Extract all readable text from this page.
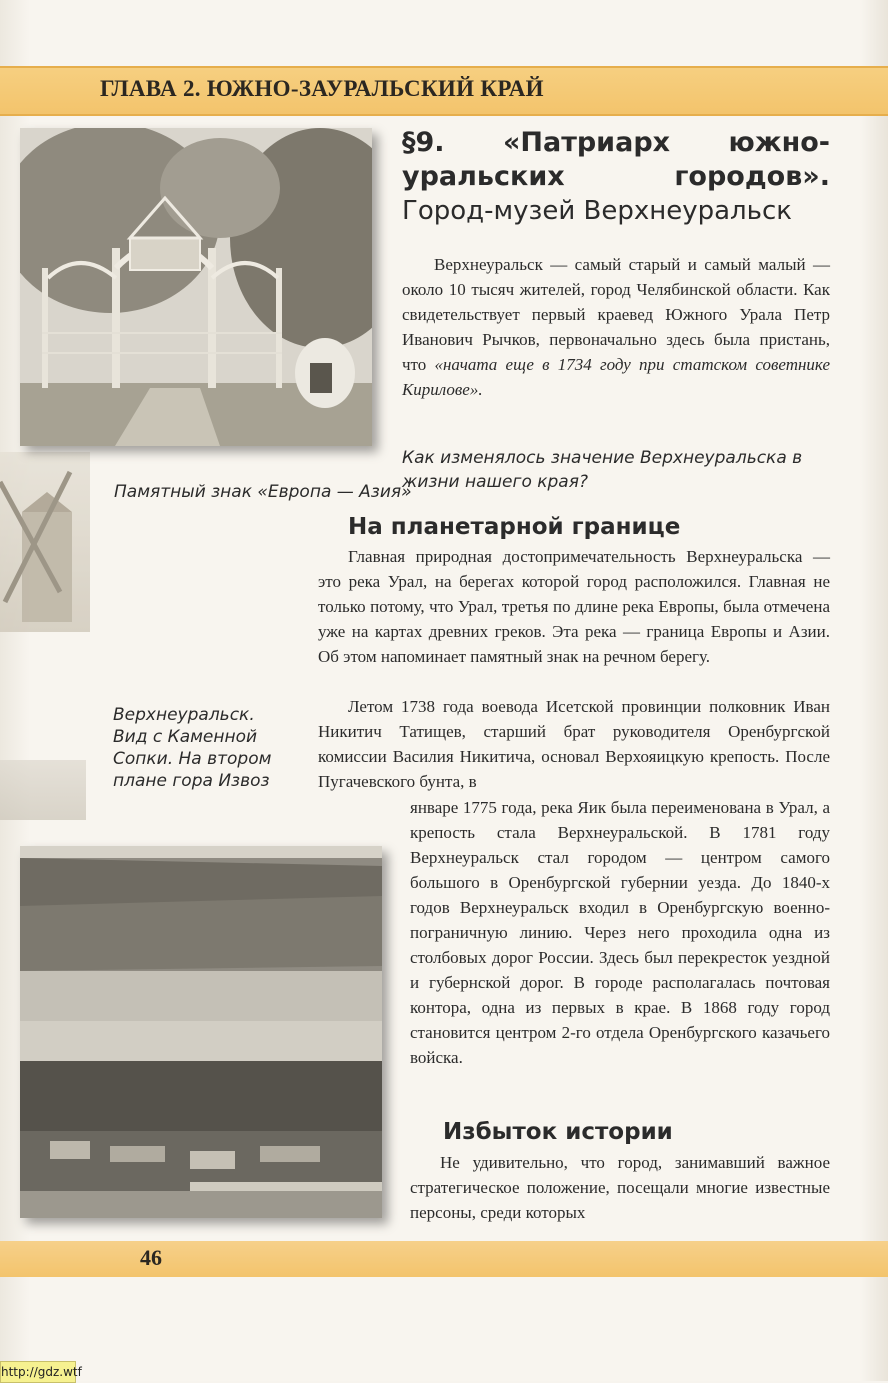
ГЛАВА 2. ЮЖНО-ЗАУРАЛЬСКИЙ КРАЙ
Памятный знак «Европа — Азия»
Верхнеуральск. Вид с Каменной Сопки. На втором плане гора Извоз
§9. «Патриарх южно-
уральских городов».
Город-музей Верхнеуральск
Верхнеуральск — самый старый и самый малый — около 10 тысяч жителей, город Челябинской области. Как свидетельствует первый краевед Южного Урала Петр Иванович Рычков, первоначально здесь была пристань, что «начата еще в 1734 году при статском советнике Кирилове».
Как изменялось значение Верхнеуральска в жизни нашего края?
На планетарной границе
Главная природная достопримечательность Верхнеуральска — это река Урал, на берегах которой город расположился. Главная не только потому, что Урал, третья по длине река Европы, была отмечена уже на картах древних греков. Эта река — граница Европы и Азии. Об этом напоминает памятный знак на речном берегу.
Летом 1738 года воевода Исетской провинции полковник Иван Никитич Татищев, старший брат руководителя Оренбургской комиссии Василия Никитича, основал Верхояицкую крепость. После Пугачевского бунта, в
январе 1775 года, река Яик была переименована в Урал, а крепость стала Верхнеуральской. В 1781 году Верхнеуральск стал городом — центром самого большого в Оренбургской губернии уезда. До 1840-х годов Верхнеуральск входил в Оренбургскую военно-пограничную линию. Через него проходила одна из столбовых дорог России. Здесь был перекресток уездной и губернской дорог. В городе располагалась почтовая контора, одна из первых в крае. В 1868 году город становится центром 2-го отдела Оренбургского казачьего войска.
Избыток истории
Не удивительно, что город, занимавший важное стратегическое положение, посещали многие известные персоны, среди которых
46
http://gdz.wtf
